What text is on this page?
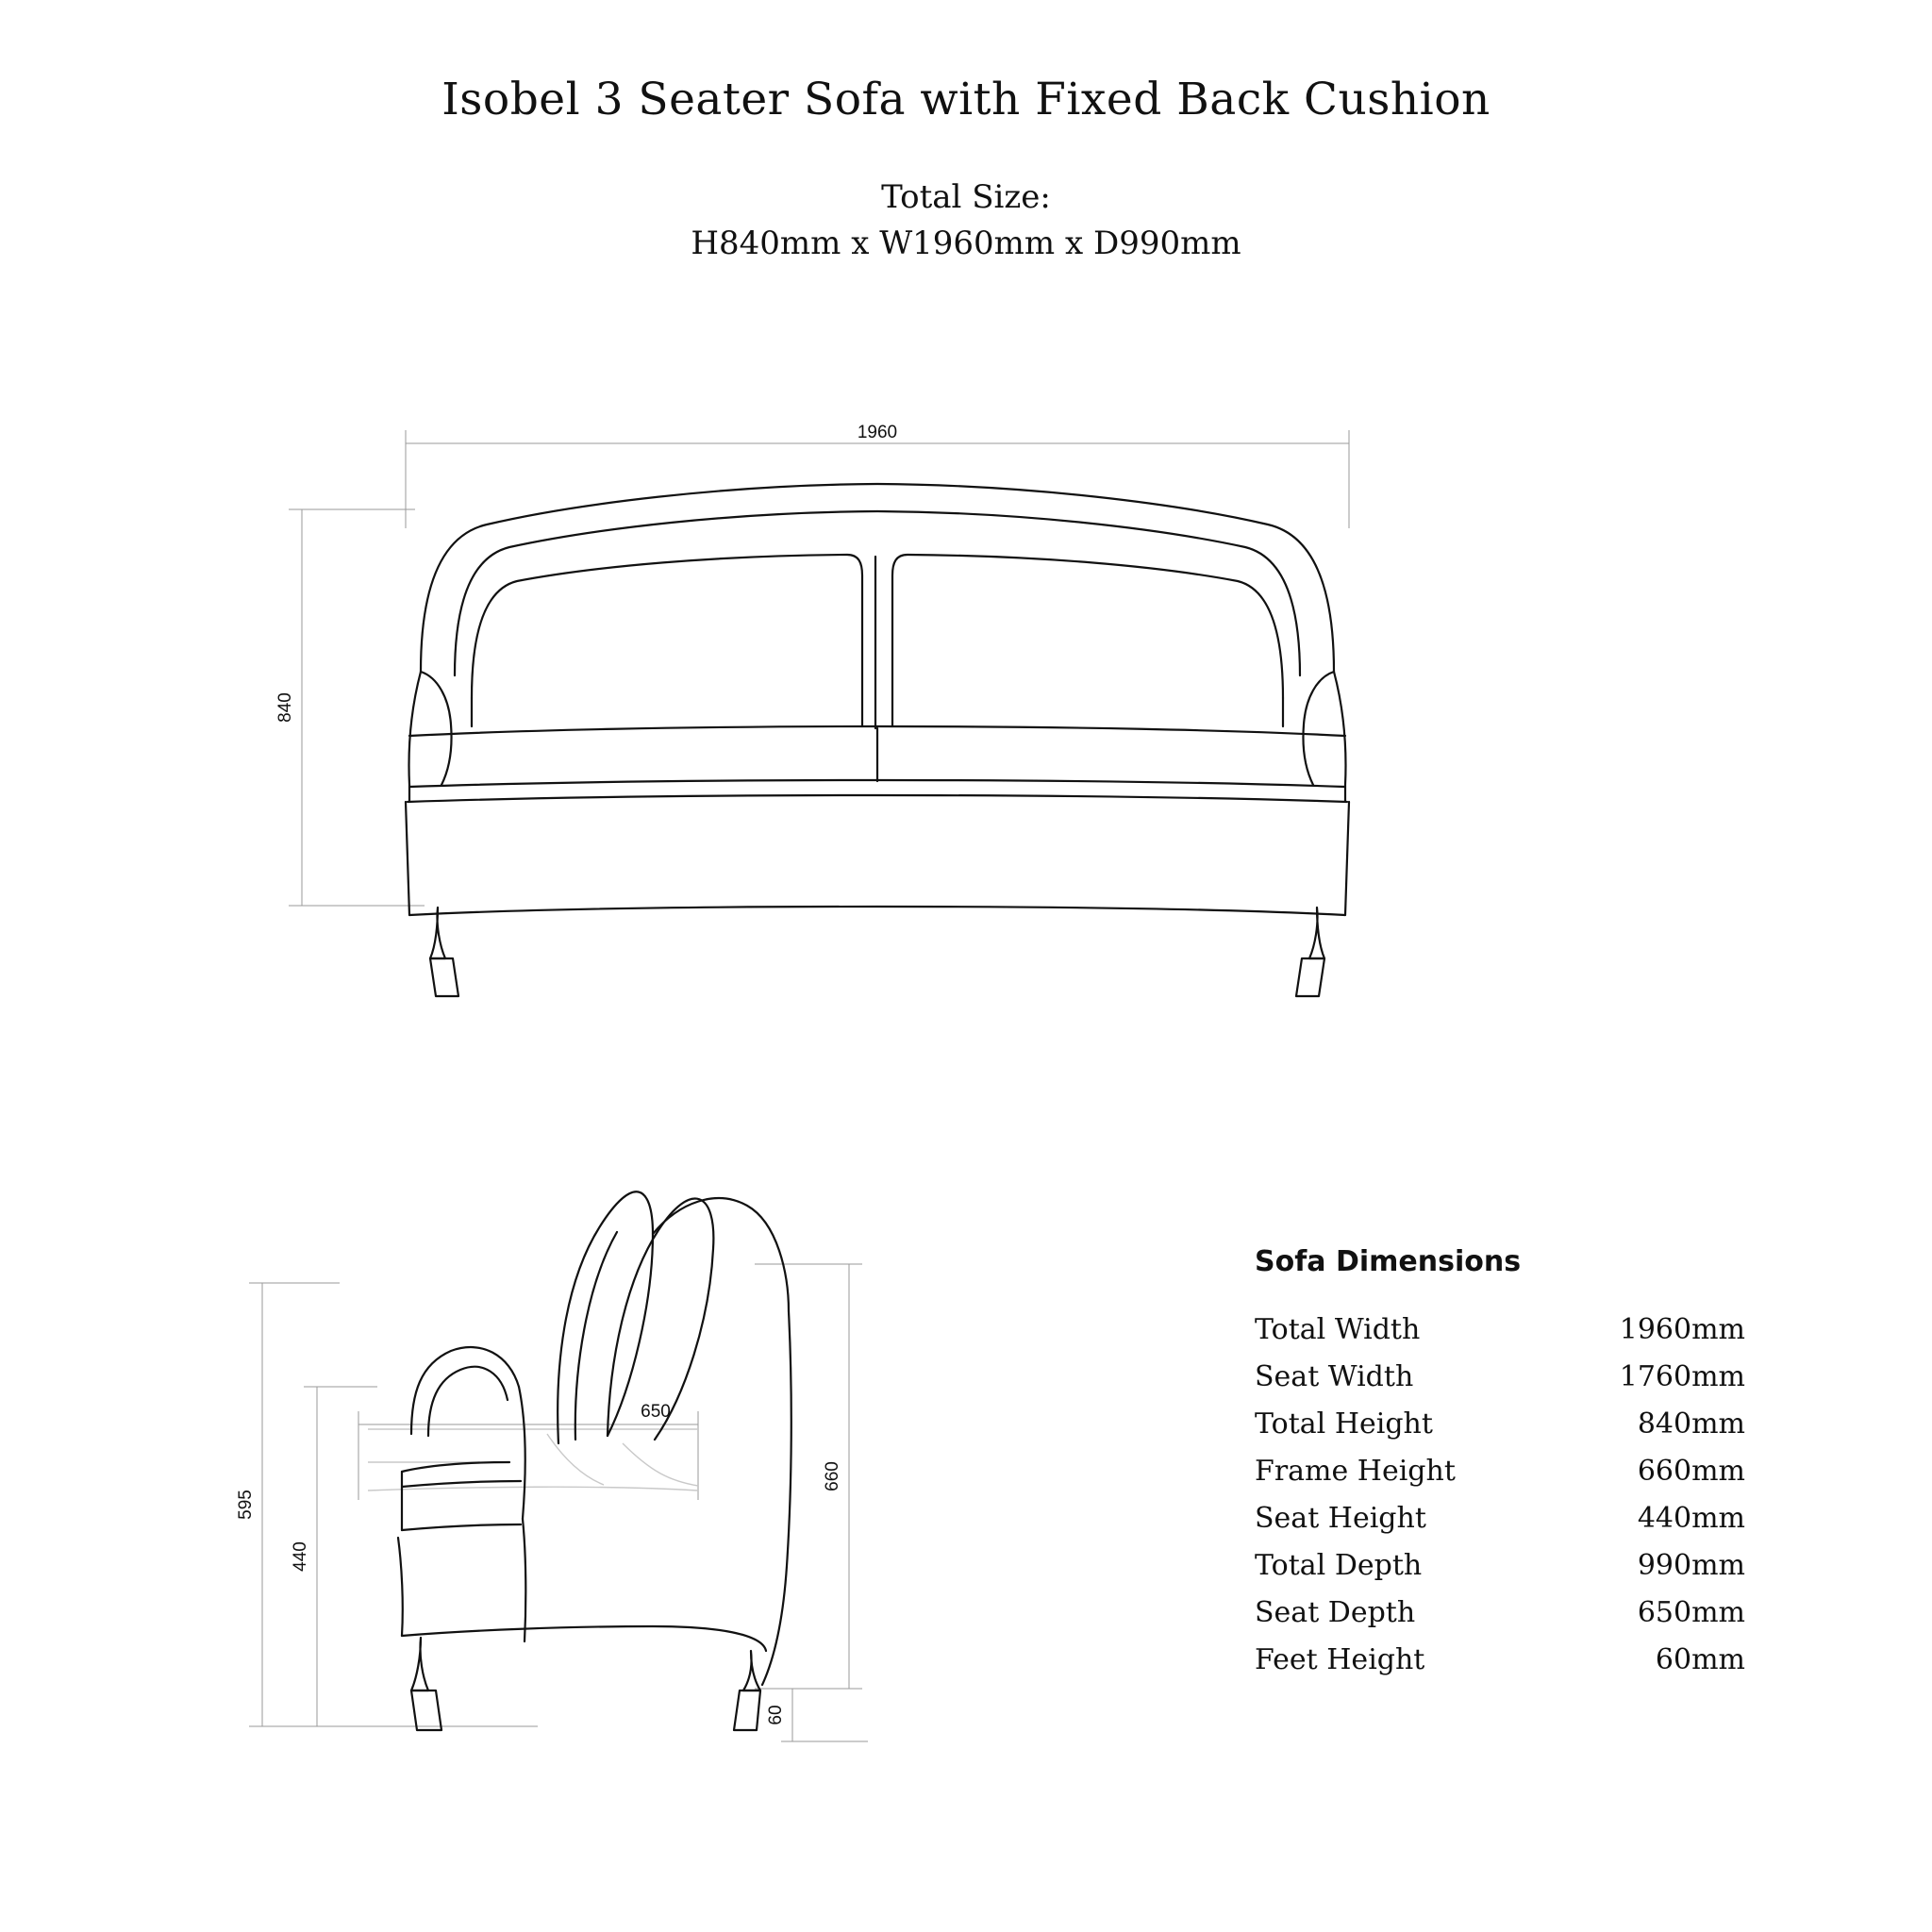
Isobel 3 Seater Sofa with Fixed Back Cushion
Total Size:
H840mm x W1960mm x D990mm
1960
840
650
660
595
440
60
Sofa Dimensions
Total Width	1960mm
Seat Width	1760mm
Total Height	840mm
Frame Height	660mm
Seat Height	440mm
Total Depth	990mm
Seat Depth	650mm
Feet Height	60mm
